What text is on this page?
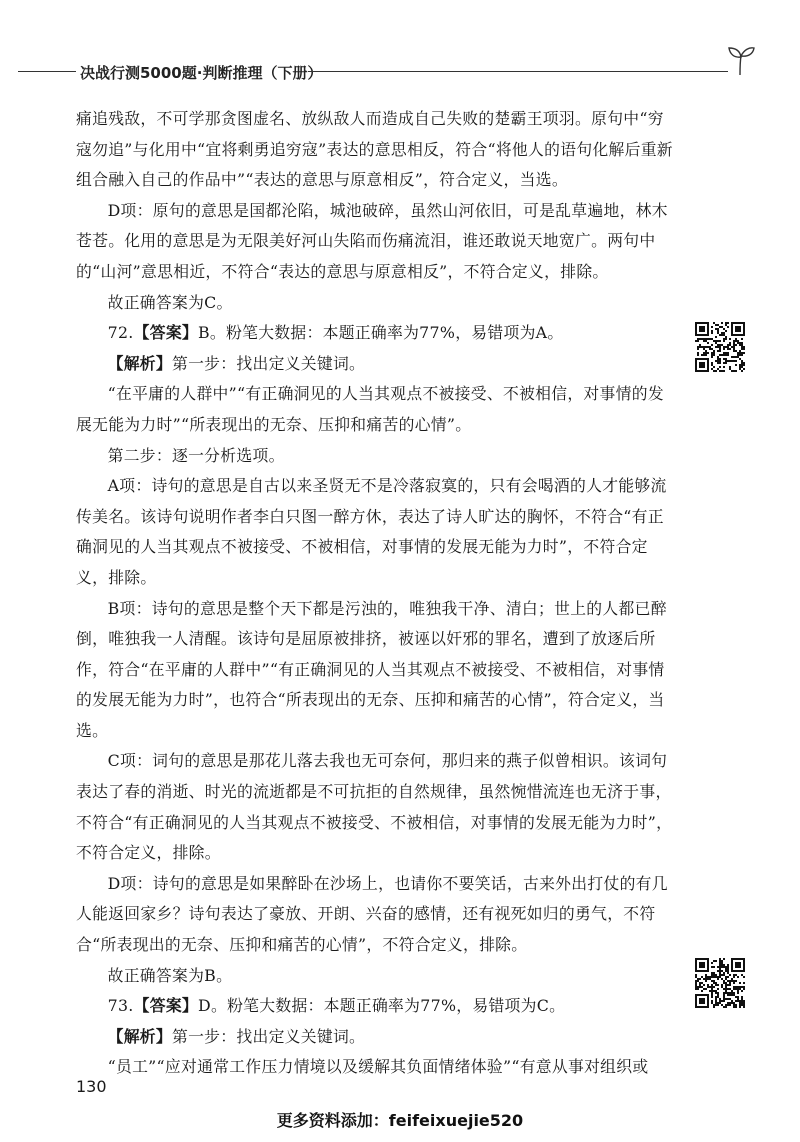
决战行测5000题·判断推理（下册）

痛追残敌，不可学那贪图虚名、放纵敌人而造成自己失败的楚霸王项羽。原句中“穷寇勿追”与化用中“宜将剩勇追穷寇”表达的意思相反，符合“将他人的语句化解后重新组合融入自己的作品中”“表达的意思与原意相反”，符合定义，当选。

D项：原句的意思是国都沦陷，城池破碎，虽然山河依旧，可是乱草遍地，林木苍苍。化用的意思是为无限美好河山失陷而伤痛流泪，谁还敢说天地宽广。两句中的“山河”意思相近，不符合“表达的意思与原意相反”，不符合定义，排除。

故正确答案为C。

72.【答案】B。粉笔大数据：本题正确率为77%，易错项为A。

【解析】第一步：找出定义关键词。

“在平庸的人群中”“有正确洞见的人当其观点不被接受、不被相信，对事情的发展无能为力时”“所表现出的无奈、压抑和痛苦的心情”。

第二步：逐一分析选项。

A项：诗句的意思是自古以来圣贤无不是冷落寂寞的，只有会喝酒的人才能够流传美名。该诗句说明作者李白只图一醉方休，表达了诗人旷达的胸怀，不符合“有正确洞见的人当其观点不被接受、不被相信，对事情的发展无能为力时”，不符合定义，排除。

B项：诗句的意思是整个天下都是污浊的，唯独我干净、清白；世上的人都已醉倒，唯独我一人清醒。该诗句是屈原被排挤，被诬以奸邪的罪名，遭到了放逐后所作，符合“在平庸的人群中”“有正确洞见的人当其观点不被接受、不被相信，对事情的发展无能为力时”，也符合“所表现出的无奈、压抑和痛苦的心情”，符合定义，当选。

C项：词句的意思是那花儿落去我也无可奈何，那归来的燕子似曾相识。该词句表达了春的消逝、时光的流逝都是不可抗拒的自然规律，虽然惋惜流连也无济于事，不符合“有正确洞见的人当其观点不被接受、不被相信，对事情的发展无能为力时”，不符合定义，排除。

D项：诗句的意思是如果醉卧在沙场上，也请你不要笑话，古来外出打仗的有几人能返回家乡？诗句表达了豪放、开朗、兴奋的感情，还有视死如归的勇气，不符合“所表现出的无奈、压抑和痛苦的心情”，不符合定义，排除。

故正确答案为B。

73.【答案】D。粉笔大数据：本题正确率为77%，易错项为C。

【解析】第一步：找出定义关键词。

“员工”“应对通常工作压力情境以及缓解其负面情绪体验”“有意从事对组织或

130
更多资料添加：feifeixuejie520
